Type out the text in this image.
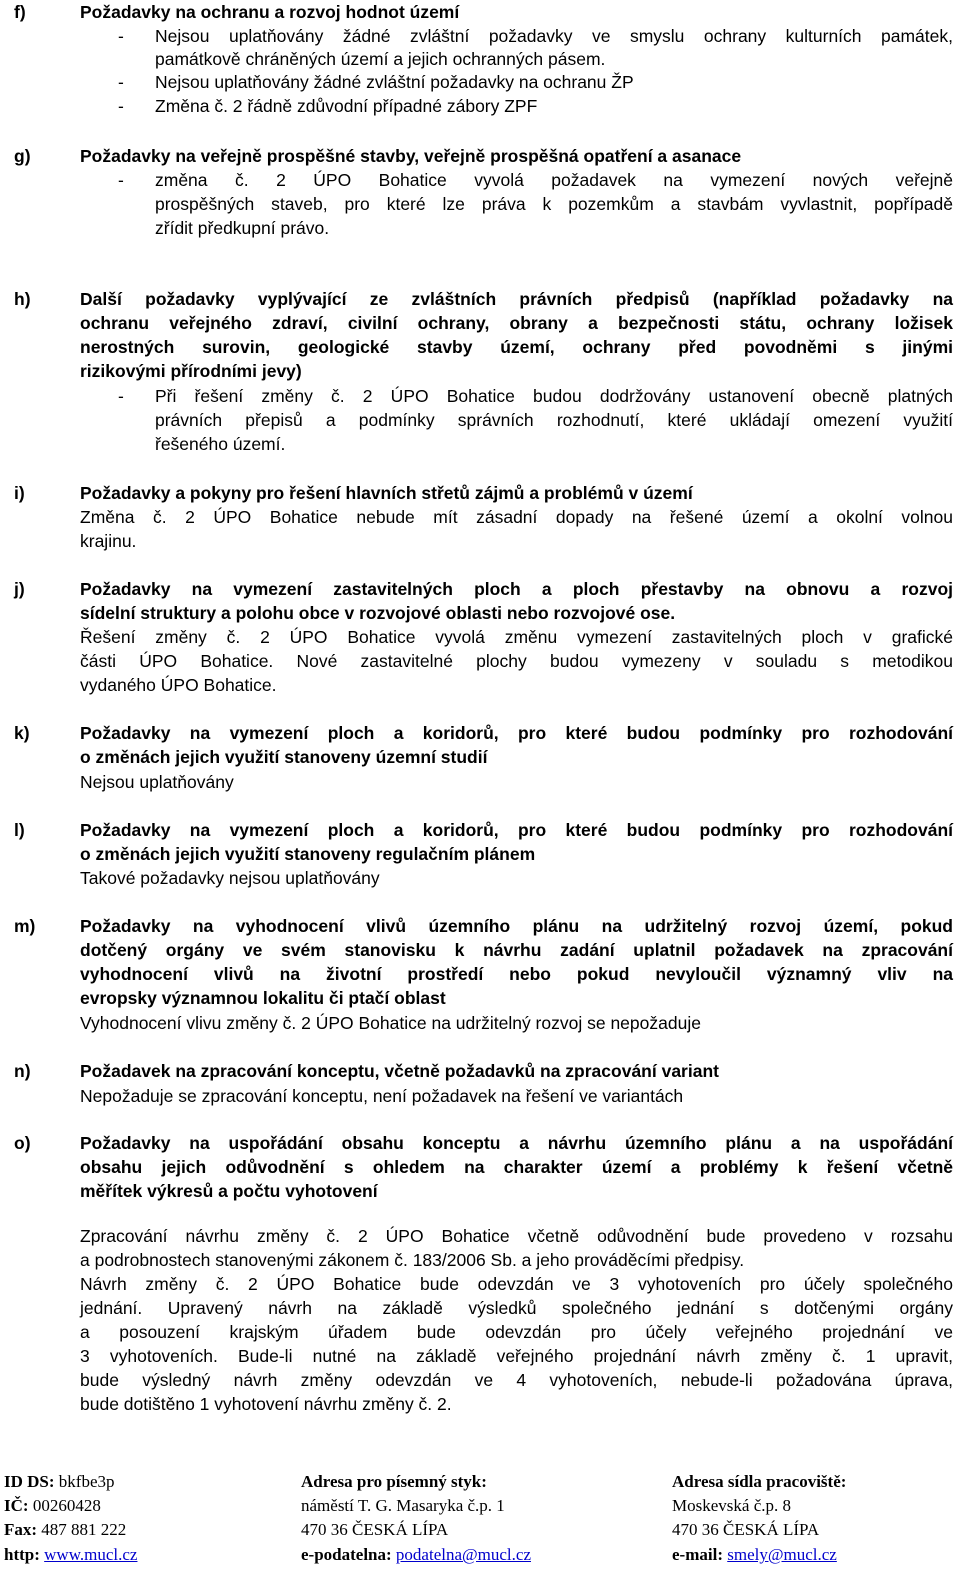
f)	Požadavky na ochranu a rozvoj hodnot území
- Nejsou uplatňovány žádné zvláštní požadavky ve smyslu ochrany kulturních památek,
památkově chráněných území a jejich ochranných pásem.
- Nejsou uplatňovány žádné zvláštní požadavky na ochranu ŽP
- Změna č. 2 řádně zdůvodní případné zábory ZPF
g)	Požadavky na veřejně prospěšné stavby, veřejně prospěšná opatření a asanace
- změna č. 2 ÚPO Bohatice vyvolá požadavek na vymezení nových veřejně
prospěšných staveb, pro které lze práva k pozemkům a stavbám vyvlastnit, popřípadě
zřídit předkupní právo.
h)	Další požadavky vyplývající ze zvláštních právních předpisů (například požadavky na
ochranu veřejného zdraví, civilní ochrany, obrany a bezpečnosti státu, ochrany ložisek
nerostných surovin, geologické stavby území, ochrany před povodněmi s jinými
rizikovými přírodními jevy)
- Při řešení změny č. 2 ÚPO Bohatice budou dodržovány ustanovení obecně platných
právních přepisů a podmínky správních rozhodnutí, které ukládají omezení využití
řešeného území.
i)	Požadavky a pokyny pro řešení hlavních střetů zájmů a problémů v území
Změna č. 2 ÚPO Bohatice nebude mít zásadní dopady na řešené území a okolní volnou
krajinu.
j)	Požadavky na vymezení zastavitelných ploch a ploch přestavby na obnovu a rozvoj
sídelní struktury a polohu obce v rozvojové oblasti nebo rozvojové ose.
Řešení změny č. 2 ÚPO Bohatice vyvolá změnu vymezení zastavitelných ploch v grafické
části ÚPO Bohatice. Nové zastavitelné plochy budou vymezeny v souladu s metodikou
vydaného ÚPO Bohatice.
k)	Požadavky na vymezení ploch a koridorů, pro které budou podmínky pro rozhodování
o změnách jejich využití stanoveny územní studií
Nejsou uplatňovány
l)	Požadavky na vymezení ploch a koridorů, pro které budou podmínky pro rozhodování
o změnách jejich využití stanoveny regulačním plánem
Takové požadavky nejsou uplatňovány
m)	Požadavky na vyhodnocení vlivů územního plánu na udržitelný rozvoj území, pokud
dotčený orgány ve svém stanovisku k návrhu zadání uplatnil požadavek na zpracování
vyhodnocení vlivů na životní prostředí nebo pokud nevyloučil významný vliv na
evropsky významnou lokalitu či ptačí oblast
Vyhodnocení vlivu změny č. 2 ÚPO Bohatice na udržitelný rozvoj se nepožaduje
n)	Požadavek na zpracování konceptu, včetně požadavků na zpracování variant
Nepožaduje se zpracování konceptu, není požadavek na řešení ve variantách
o)	Požadavky na uspořádání obsahu konceptu a návrhu územního plánu a na uspořádání
obsahu jejich odůvodnění s ohledem na charakter území a problémy k řešení včetně
měřítek výkresů a počtu vyhotovení
Zpracování návrhu změny č. 2 ÚPO Bohatice včetně odůvodnění bude provedeno v rozsahu
a podrobnostech stanovenými zákonem č. 183/2006 Sb. a jeho prováděcími předpisy.
Návrh změny č. 2 ÚPO Bohatice bude odevzdán ve 3 vyhotoveních pro účely společného
jednání. Upravený návrh na základě výsledků společného jednání s dotčenými orgány
a posouzení krajským úřadem bude odevzdán pro účely veřejného projednání ve
3 vyhotoveních. Bude-li nutné na základě veřejného projednání návrh změny č. 1 upravit,
bude výsledný návrh změny odevzdán ve 4 vyhotoveních, nebude-li požadována úprava,
bude dotištěno 1 vyhotovení návrhu změny č. 2.
ID DS: bkfbe3p
IČ: 00260428
Fax: 487 881 222
http: www.mucl.cz
Adresa pro písemný styk:
náměstí T. G. Masaryka č.p. 1
470 36 ČESKÁ LÍPA
e-podatelna: podatelna@mucl.cz
Adresa sídla pracoviště:
Moskevská č.p. 8
470 36 ČESKÁ LÍPA
e-mail: smely@mucl.cz
